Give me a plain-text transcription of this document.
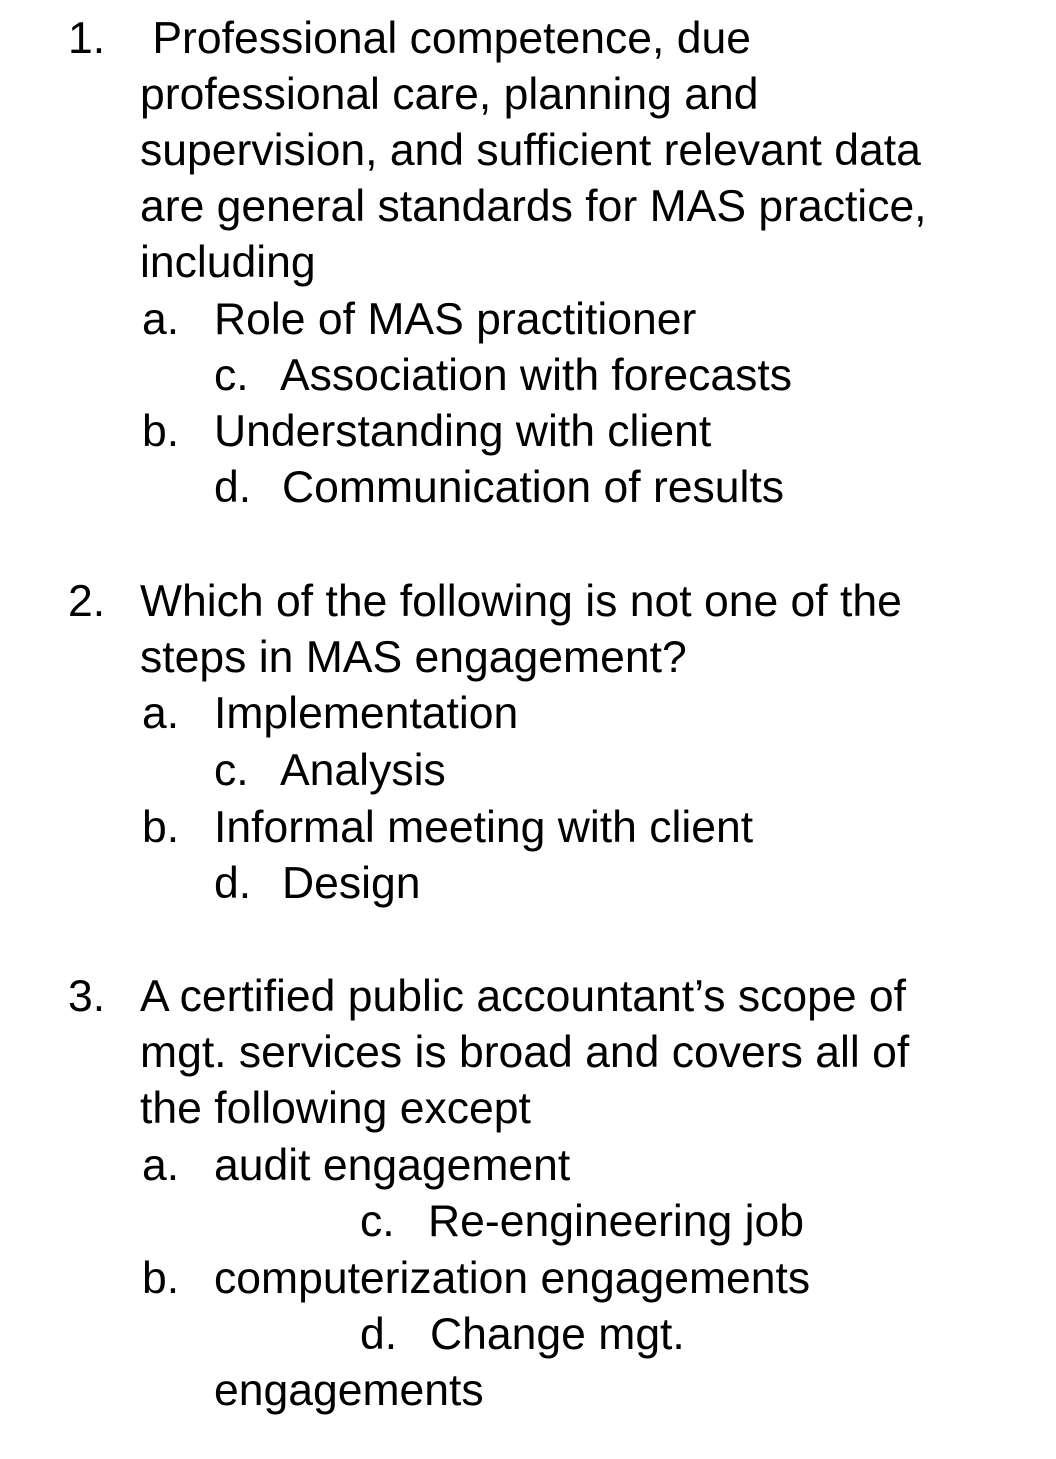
1. Professional competence, due
professional care, planning and
supervision, and sufficient relevant data
are general standards for MAS practice,
including
a. Role of MAS practitioner
c. Association with forecasts
b. Understanding with client
d. Communication of results
2. Which of the following is not one of the
steps in MAS engagement?
a. Implementation
c. Analysis
b. Informal meeting with client
d. Design
3. A certified public accountant’s scope of
mgt. services is broad and covers all of
the following except
a. audit engagement
c. Re-engineering job
b. computerization engagements
d. Change mgt.
engagements
